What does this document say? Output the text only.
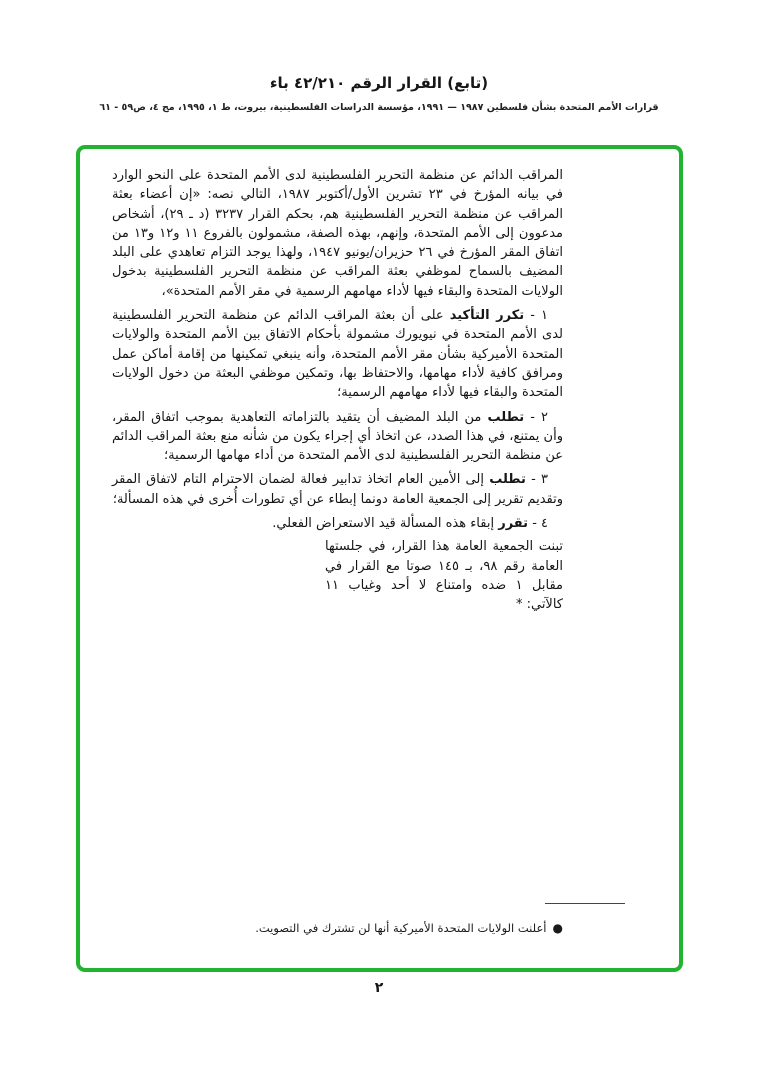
(تابع) القرار الرقم ٤٢/٢١٠ باء
قرارات الأمم المتحدة بشأن فلسطين ١٩٨٧ — ١٩٩١، مؤسسة الدراسات الفلسطينية، بيروت، ط ١، ١٩٩٥، مج ٤، ص٥٩ - ٦١

المراقب الدائم عن منظمة التحرير الفلسطينية لدى الأمم المتحدة على النحو الوارد في بيانه المؤرخ في ٢٣ تشرين الأول/أكتوبر ١٩٨٧، التالي نصه: «إن أعضاء بعثة المراقب عن منظمة التحرير الفلسطينية هم، بحكم القرار ٣٢٣٧ (د ـ ٢٩)، أشخاص مدعوون إلى الأمم المتحدة، وإنهم، بهذه الصفة، مشمولون بالفروع ١١ و١٢ و١٣ من اتفاق المقر المؤرخ في ٢٦ حزيران/يونيو ١٩٤٧، ولهذا يوجد التزام تعاهدي على البلد المضيف بالسماح لموظفي بعثة المراقب عن منظمة التحرير الفلسطينية بدخول الولايات المتحدة والبقاء فيها لأداء مهامهم الرسمية في مقر الأمم المتحدة»،

١ - تكرر التأكيد على أن بعثة المراقب الدائم عن منظمة التحرير الفلسطينية لدى الأمم المتحدة في نيويورك مشمولة بأحكام الاتفاق بين الأمم المتحدة والولايات المتحدة الأميركية بشأن مقر الأمم المتحدة، وأنه ينبغي تمكينها من إقامة أماكن عمل ومرافق كافية لأداء مهامها، والاحتفاظ بها، وتمكين موظفي البعثة من دخول الولايات المتحدة والبقاء فيها لأداء مهامهم الرسمية؛

٢ - تطلب من البلد المضيف أن يتقيد بالتزاماته التعاهدية بموجب اتفاق المقر، وأن يمتنع، في هذا الصدد، عن اتخاذ أي إجراء يكون من شأنه منع بعثة المراقب الدائم عن منظمة التحرير الفلسطينية لدى الأمم المتحدة من أداء مهامها الرسمية؛

٣ - تطلب إلى الأمين العام اتخاذ تدابير فعالة لضمان الاحترام التام لاتفاق المقر وتقديم تقرير إلى الجمعية العامة دونما إبطاء عن أي تطورات أُخرى في هذه المسألة؛

٤ - تقرر إبقاء هذه المسألة قيد الاستعراض الفعلي.

تبنت الجمعية العامة هذا القرار، في جلستها العامة رقم ٩٨، بـ ١٤٥ صوتا مع القرار في مقابل ١ ضده وامتناع لا أحد وغياب ١١ كالآتي: *

●أعلنت الولايات المتحدة الأميركية أنها لن تشترك في التصويت.
٢
